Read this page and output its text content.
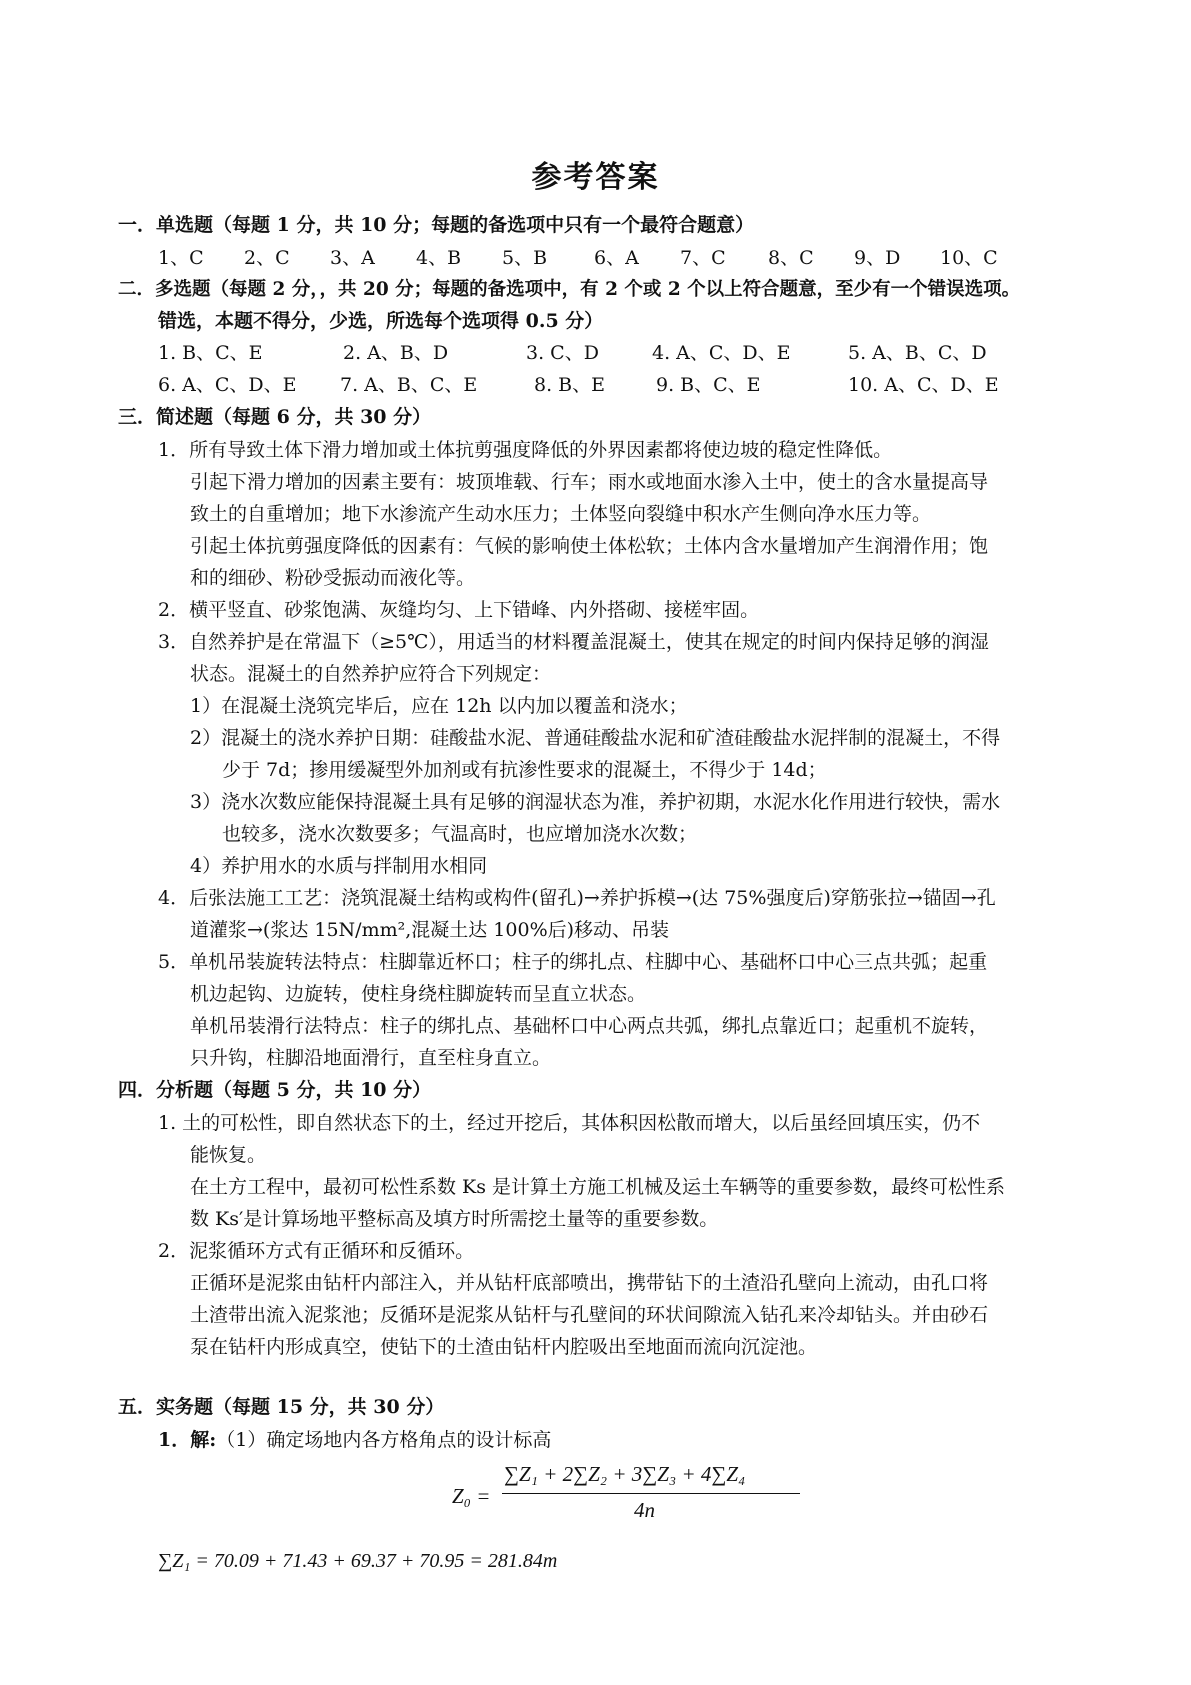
参考答案
一．单选题（每题 1 分，共 10 分；每题的备选项中只有一个最符合题意）
1、C 2、C 3、A 4、B 5、B 6、A 7、C 8、C 9、D 10、C
二．多选题（每题 2 分，，共 20 分；每题的备选项中，有 2 个或 2 个以上符合题意，至少有一个错误选项。
错选，本题不得分，少选，所选每个选项得 0.5 分）
1. B、C、E	2. A、B、D	3. C、D	4. A、C、D、E	5. A、B、C、D
6. A、C、D、E 7. A、B、C、E	8. B、E	9. B、C、E	10. A、C、D、E
三．简述题（每题 6 分，共 30 分）
1．所有导致土体下滑力增加或土体抗剪强度降低的外界因素都将使边坡的稳定性降低。
引起下滑力增加的因素主要有：坡顶堆载、行车；雨水或地面水渗入土中，使土的含水量提高导
致土的自重增加；地下水渗流产生动水压力；土体竖向裂缝中积水产生侧向净水压力等。
引起土体抗剪强度降低的因素有：气候的影响使土体松软；土体内含水量增加产生润滑作用；饱
和的细砂、粉砂受振动而液化等。
2．横平竖直、砂浆饱满、灰缝均匀、上下错峰、内外搭砌、接槎牢固。
3．自然养护是在常温下（≥5℃），用适当的材料覆盖混凝土，使其在规定的时间内保持足够的润湿
状态。混凝土的自然养护应符合下列规定：
1）在混凝土浇筑完毕后，应在 12h 以内加以覆盖和浇水；
2）混凝土的浇水养护日期：硅酸盐水泥、普通硅酸盐水泥和矿渣硅酸盐水泥拌制的混凝土，不得
少于 7d；掺用缓凝型外加剂或有抗渗性要求的混凝土，不得少于 14d；
3）浇水次数应能保持混凝土具有足够的润湿状态为准，养护初期，水泥水化作用进行较快，需水
也较多，浇水次数要多；气温高时，也应增加浇水次数；
4）养护用水的水质与拌制用水相同
4．后张法施工工艺：浇筑混凝土结构或构件(留孔)→养护拆模→(达 75%强度后)穿筋张拉→锚固→孔
道灌浆→(浆达 15N/mm²,混凝土达 100%后)移动、吊装
5．单机吊装旋转法特点：柱脚靠近杯口；柱子的绑扎点、柱脚中心、基础杯口中心三点共弧；起重
机边起钩、边旋转，使柱身绕柱脚旋转而呈直立状态。
单机吊装滑行法特点：柱子的绑扎点、基础杯口中心两点共弧，绑扎点靠近口；起重机不旋转，
只升钩，柱脚沿地面滑行，直至柱身直立。
四．分析题（每题 5 分，共 10 分）
1. 土的可松性，即自然状态下的土，经过开挖后，其体积因松散而增大，以后虽经回填压实，仍不
能恢复。
在土方工程中，最初可松性系数 Ks 是计算土方施工机械及运土车辆等的重要参数，最终可松性系
数 Ks′是计算场地平整标高及填方时所需挖土量等的重要参数。
2．泥浆循环方式有正循环和反循环。
正循环是泥浆由钻杆内部注入，并从钻杆底部喷出，携带钻下的土渣沿孔壁向上流动，由孔口将
土渣带出流入泥浆池；反循环是泥浆从钻杆与孔壁间的环状间隙流入钻孔来冷却钻头。并由砂石
泵在钻杆内形成真空，使钻下的土渣由钻杆内腔吸出至地面而流向沉淀池。
五．实务题（每题 15 分，共 30 分）
1．解:（1）确定场地内各方格角点的设计标高
Z₀ =
∑Z₁ + 2∑Z₂ + 3∑Z₃ + 4∑Z₄
4n
∑Z₁ = 70.09 + 71.43 + 69.37 + 70.95 = 281.84m
